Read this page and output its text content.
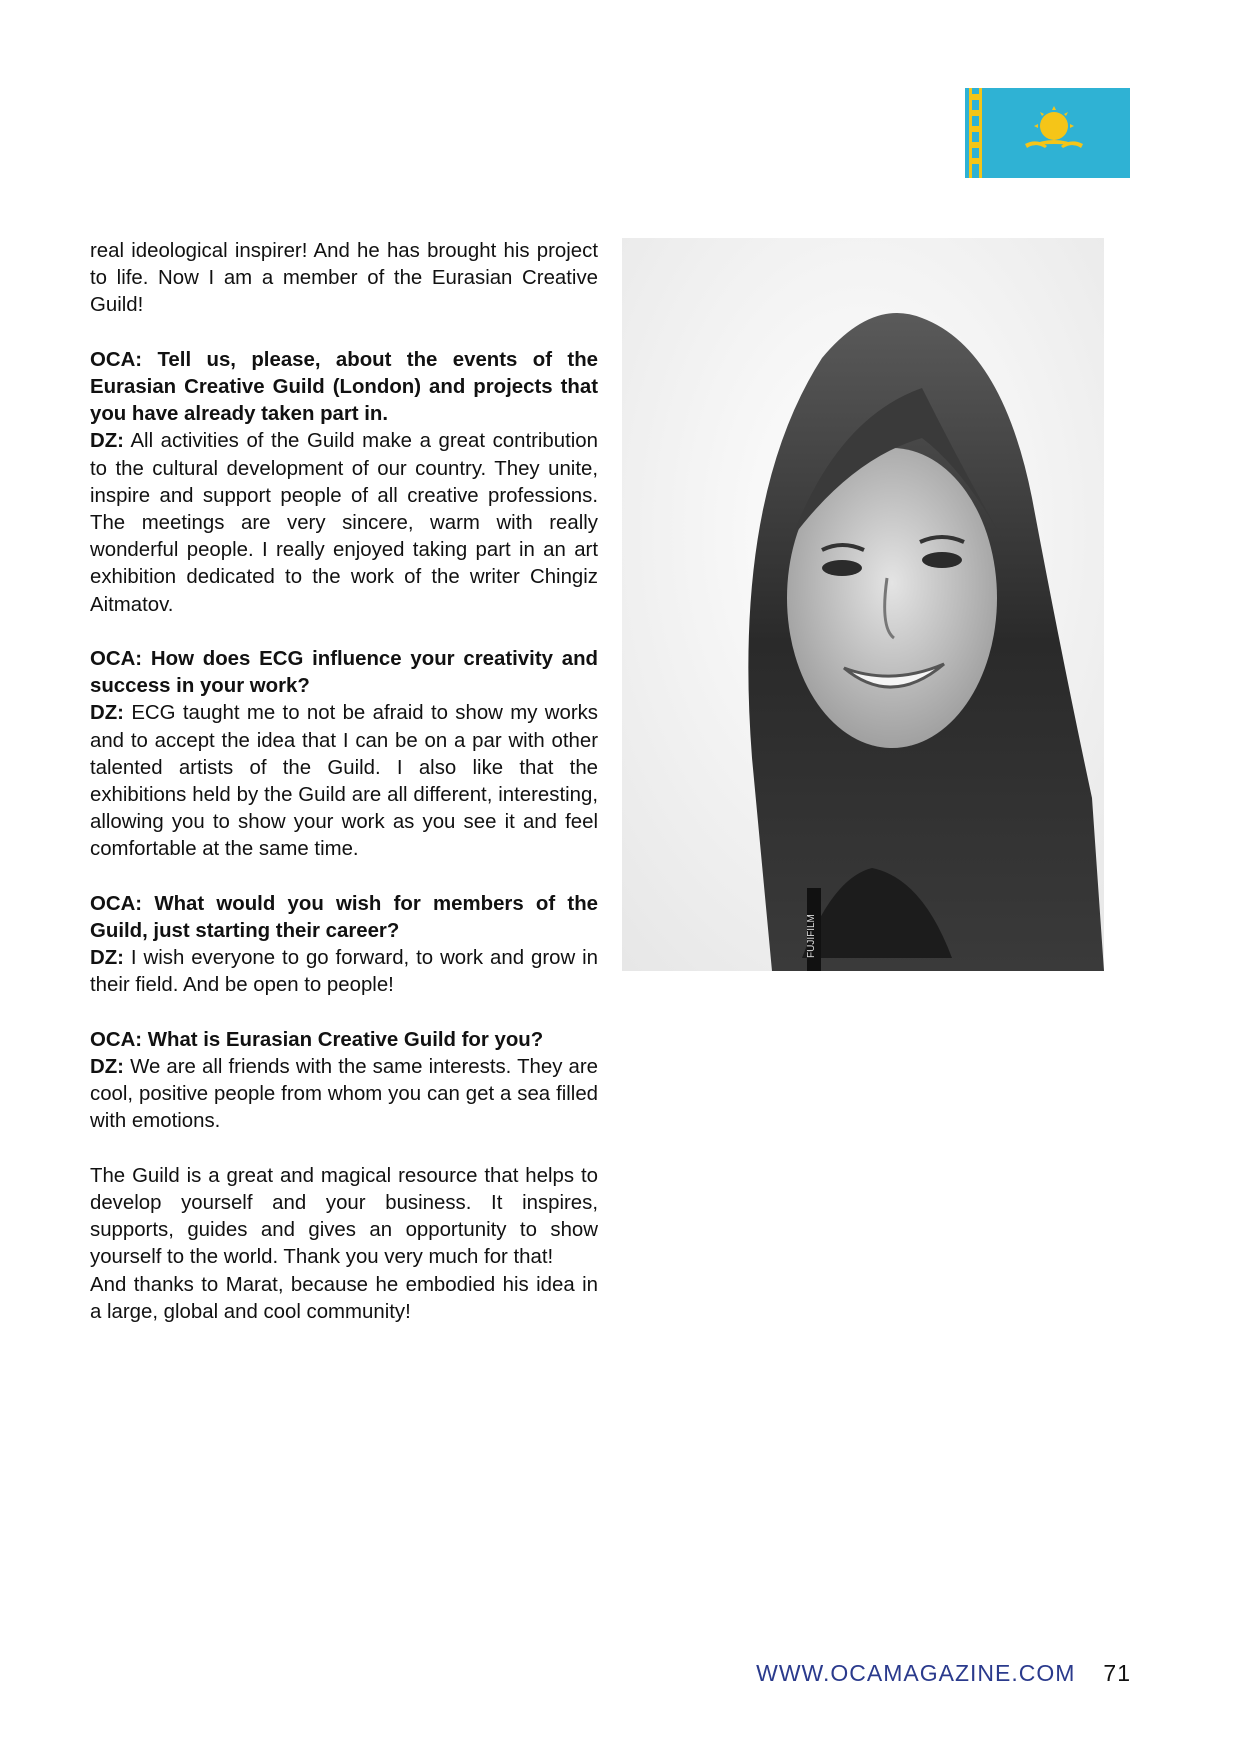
real ideological inspirer! And he has brought his project to life. Now I am a member of the Eurasian Creative Guild!

OCA: Tell us, please, about the events of the Eurasian Creative Guild (London) and projects that you have already taken part in.

DZ: All activities of the Guild make a great contribution to the cultural development of our country. They unite, inspire and support people of all creative professions. The meetings are very sincere, warm with really wonderful people. I really enjoyed taking part in an art exhibition dedicated to the work of the writer Chingiz Aitmatov.

OCA: How does ECG influence your creativity and success in your work?

DZ: ECG taught me to not be afraid to show my works and to accept the idea that I can be on a par with other talented artists of the Guild. I also like that the exhibitions held by the Guild are all different, interesting, allowing you to show your work as you see it and feel comfortable at the same time.

OCA: What would you wish for members of the Guild, just starting their career?

DZ: I wish everyone to go forward, to work and grow in their field. And be open to people!

OCA: What is Eurasian Creative Guild for you?

DZ: We are all friends with the same interests. They are cool, positive people from whom you can get a sea filled with emotions.

The Guild is a great and magical resource that helps to develop yourself and your business. It inspires, supports, guides and gives an opportunity to show yourself to the world. Thank you very much for that!

And thanks to Marat, because he embodied his idea in a large, global and cool community!

FUJIFILM
WWW.OCAMAGAZINE.COM 71
